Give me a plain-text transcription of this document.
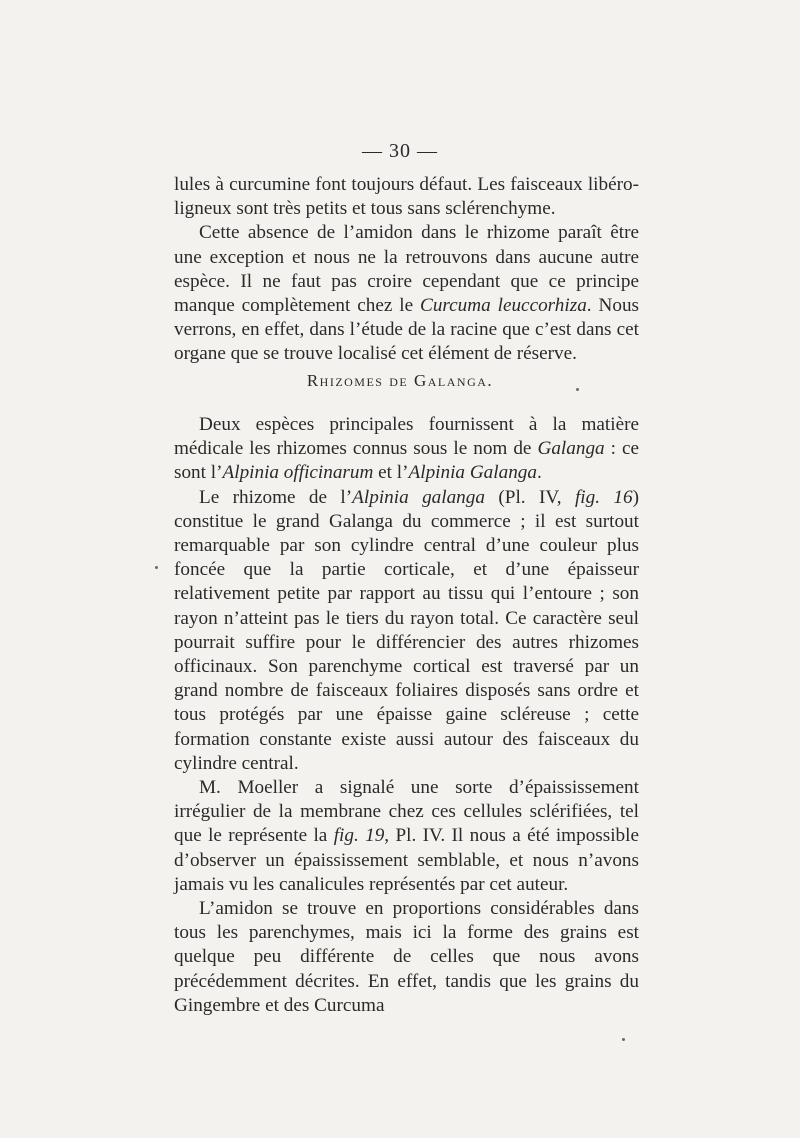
— 30 —

lules à curcumine font toujours défaut. Les faisceaux libéro-ligneux sont très petits et tous sans sclérenchyme.

Cette absence de l’amidon dans le rhizome paraît être une exception et nous ne la retrouvons dans aucune autre espèce. Il ne faut pas croire cependant que ce principe manque complètement chez le Curcuma leuccorhiza. Nous verrons, en effet, dans l’étude de la racine que c’est dans cet organe que se trouve localisé cet élément de réserve.

Rhizomes de Galanga.

Deux espèces principales fournissent à la matière médicale les rhizomes connus sous le nom de Galanga : ce sont l’Alpinia officinarum et l’Alpinia Galanga.

Le rhizome de l’Alpinia galanga (Pl. IV, fig. 16) constitue le grand Galanga du commerce ; il est surtout remarquable par son cylindre central d’une couleur plus foncée que la partie corticale, et d’une épaisseur relativement petite par rapport au tissu qui l’entoure ; son rayon n’atteint pas le tiers du rayon total. Ce caractère seul pourrait suffire pour le différencier des autres rhizomes officinaux. Son parenchyme cortical est traversé par un grand nombre de faisceaux foliaires disposés sans ordre et tous protégés par une épaisse gaine scléreuse ; cette formation constante existe aussi autour des faisceaux du cylindre central.

M. Moeller a signalé une sorte d’épaississement irrégulier de la membrane chez ces cellules sclérifiées, tel que le représente la fig. 19, Pl. IV. Il nous a été impossible d’observer un épaississement semblable, et nous n’avons jamais vu les canalicules représentés par cet auteur.

L’amidon se trouve en proportions considérables dans tous les parenchymes, mais ici la forme des grains est quelque peu différente de celles que nous avons précédemment décrites. En effet, tandis que les grains du Gingembre et des Curcuma
